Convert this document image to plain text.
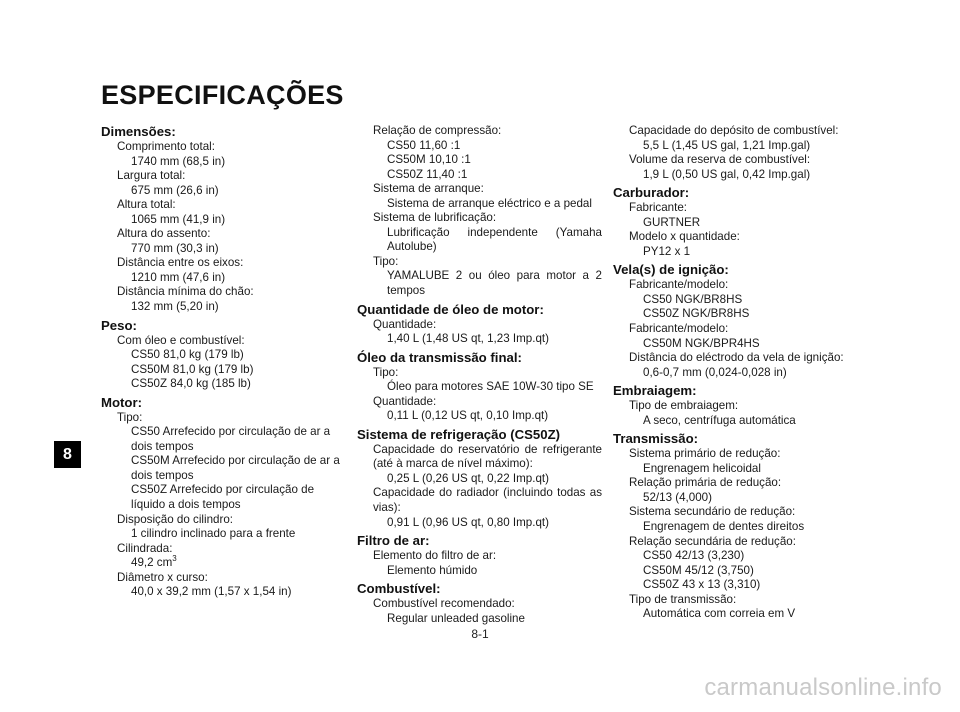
ESPECIFICAÇÕES
Dimensões:
Comprimento total:
1740 mm (68,5 in)
Largura total:
675 mm (26,6 in)
Altura total:
1065 mm (41,9 in)
Altura do assento:
770 mm (30,3 in)
Distância entre os eixos:
1210 mm (47,6 in)
Distância mínima do chão:
132 mm (5,20 in)
Peso:
Com óleo e combustível:
CS50 81,0 kg (179 lb)
CS50M 81,0 kg (179 lb)
CS50Z 84,0 kg (185 lb)
Motor:
Tipo:
CS50 Arrefecido por circulação de ar a
dois tempos
CS50M Arrefecido por circulação de ar a
dois tempos
CS50Z Arrefecido por circulação de
líquido a dois tempos
Disposição do cilindro:
1 cilindro inclinado para a frente
Cilindrada:
49,2 $cm^3$
Diâmetro x curso:
40,0 x 39,2 mm (1,57 x 1,54 in)
Relação de compressão:
CS50 11,60 :1
CS50M 10,10 :1
CS50Z 11,40 :1
Sistema de arranque:
Sistema de arranque eléctrico e a pedal
Sistema de lubrificação:
Lubrificação independente (Yamaha Autolube)
Tipo:
YAMALUBE 2 ou óleo para motor a 2 tempos
Quantidade de óleo de motor:
Quantidade:
1,40 L (1,48 US qt, 1,23 Imp.qt)
Óleo da transmissão final:
Tipo:
Óleo para motores SAE 10W-30 tipo SE
Quantidade:
0,11 L (0,12 US qt, 0,10 Imp.qt)
Sistema de refrigeração (CS50Z)
Capacidade do reservatório de refrigerante (até à marca de nível máximo):
0,25 L (0,26 US qt, 0,22 Imp.qt)
Capacidade do radiador (incluindo todas as vias):
0,91 L (0,96 US qt, 0,80 Imp.qt)
Filtro de ar:
Elemento do filtro de ar:
Elemento húmido
Combustível:
Combustível recomendado:
Regular unleaded gasoline
Capacidade do depósito de combustível:
5,5 L (1,45 US gal, 1,21 Imp.gal)
Volume da reserva de combustível:
1,9 L (0,50 US gal, 0,42 Imp.gal)
Carburador:
Fabricante:
GURTNER
Modelo x quantidade:
PY12 x 1
Vela(s) de ignição:
Fabricante/modelo:
CS50 NGK/BR8HS
CS50Z NGK/BR8HS
Fabricante/modelo:
CS50M NGK/BPR4HS
Distância do eléctrodo da vela de ignição:
0,6-0,7 mm (0,024-0,028 in)
Embraiagem:
Tipo de embraiagem:
A seco, centrífuga automática
Transmissão:
Sistema primário de redução:
Engrenagem helicoidal
Relação primária de redução:
52/13 (4,000)
Sistema secundário de redução:
Engrenagem de dentes direitos
Relação secundária de redução:
CS50 42/13 (3,230)
CS50M 45/12 (3,750)
CS50Z 43 x 13 (3,310)
Tipo de transmissão:
Automática com correia em V
8
8-1
carmanualsonline.info
